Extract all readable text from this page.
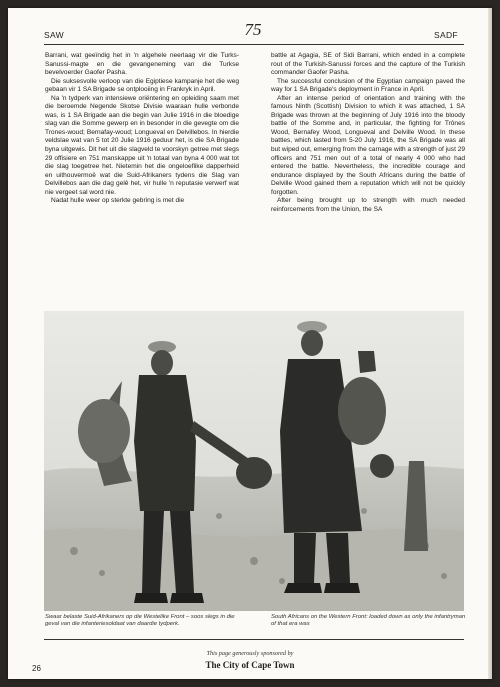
SAW	75	SADF

Barrani, wat geeïndig het in 'n algehele neerlaag vir die Turks-Sanussi-magte en die gevangeneming van die Turkse bevelvoerder Gaofer Pasha.

Die suksesvolle verloop van die Egiptiese kampanje het die weg gebaan vir 1 SA Brigade se ontplooiing in Frankryk in April.

Na 'n tydperk van intensiewe oriëntering en opleiding saam met die beroemde Negende Skotse Divisie waaraan hulle verbonde was, is 1 SA Brigade aan die begin van Julie 1916 in die bloedige slag van die Somme gewerp en in besonder in die gevegte om die Trones-woud; Bernafay-woud; Longueval en Delvillebos. In hierdie veldslae wat van 5 tot 20 Julie 1916 geduur het, is die SA Brigade byna uitgewis. Dit het uit die slagveld te voorskyn getree met slegs 29 offisiere en 751 manskappe uit 'n totaal van byna 4 000 wat tot die slag toegetree het. Nietemin het die ongeloeflike dapperheid en uithouvermoë wat die Suid-Afrikaners tydens die Slag van Delvillebos aan die dag gelê het, vir hulle 'n reputasie verwerf wat nie vergeet sal word nie.

Nadat hulle weer op sterkte gebring is met die

battle at Agagia, SE of Sidi Barrani, which ended in a complete rout of the Turkish-Sanussi forces and the capture of the Turkish commander Gaofer Pasha.

The successful conclusion of the Egyptian campaign paved the way for 1 SA Brigade's deployment in France in April.

After an intense period of orientation and training with the famous Ninth (Scottish) Division to which it was attached, 1 SA Brigade was thrown at the beginning of July 1916 into the bloody battle of the Somme and, in particular, the fighting for Trônes Wood, Bernafey Wood, Longueval and Delville Wood. In these battles, which lasted from 5-20 July 1916, the SA Brigade was all but wiped out, emerging from the carnage with a strength of just 29 officers and 751 men out of a total of nearly 4 000 who had entered the battle. Nevertheless, the incredible courage and endurance displayed by the South Africans during the battle of Delville Wood gained them a reputation which will not be quickly forgotten.

After being brought up to strength with much needed reinforcements from the Union, the SA

Swaar belaste Suid-Afrikaners op die Westelike Front – soos slegs in die geval van die infanteriesoldaat van daardie tydperk.
South Africans on the Western Front: loaded down as only the infantryman of that era was
This page generously sponsored by
The City of Cape Town
26
